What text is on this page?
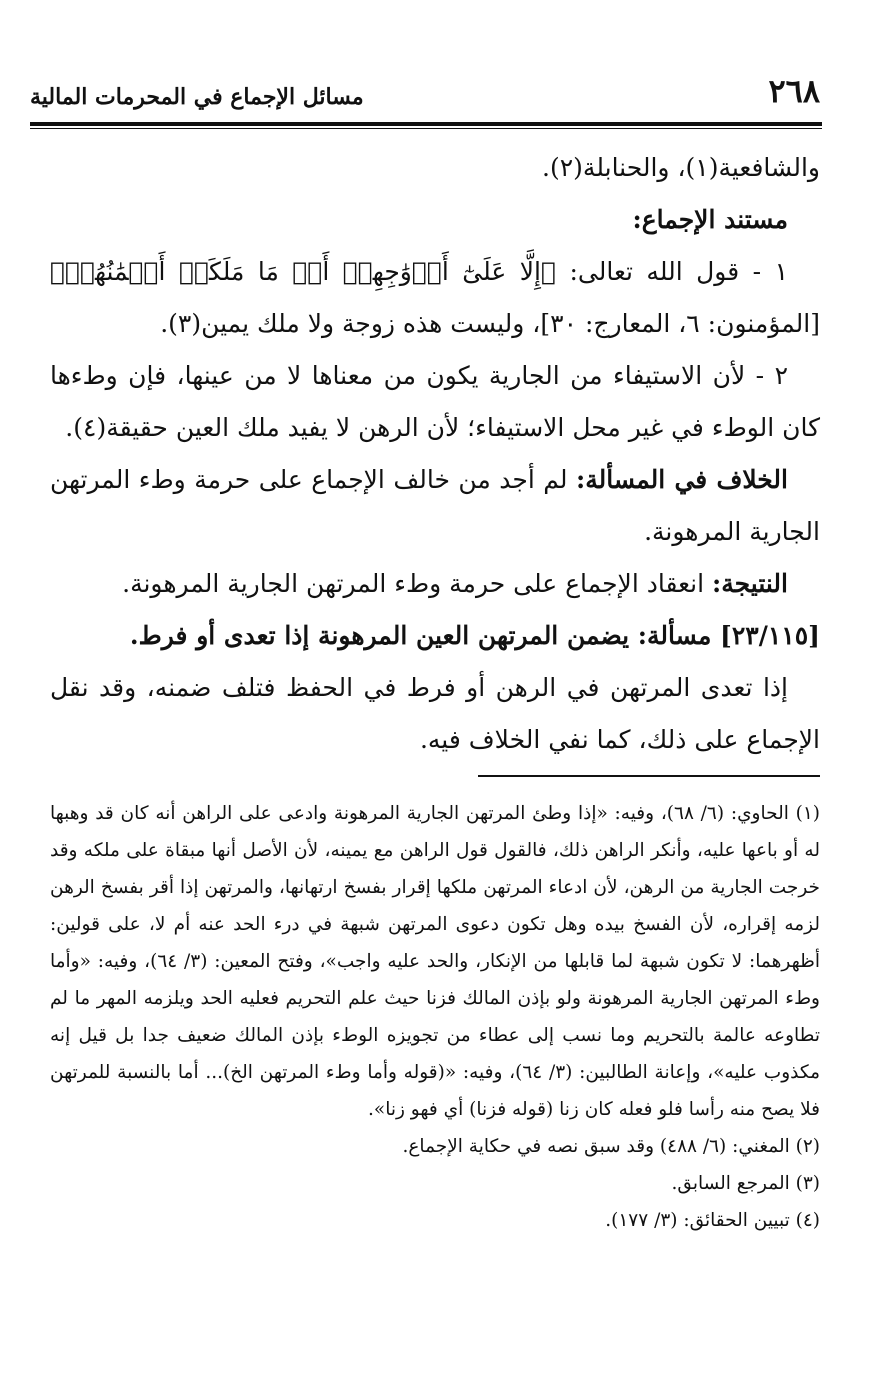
٢٦٨
مسائل الإجماع في المحرمات المالية

والشافعية(١)، والحنابلة(٢).

مستند الإجماع:

١ - قول الله تعالى: ﴿إِلَّا عَلَىٰٓ أَزۡوَٰجِهِمۡ أَوۡ مَا مَلَكَتۡ أَيۡمَٰنُهُمۡ﴾ [المؤمنون: ٦، المعارج: ٣٠]، وليست هذه زوجة ولا ملك يمين(٣).

٢ - لأن الاستيفاء من الجارية يكون من معناها لا من عينها، فإن وطءها كان الوطء في غير محل الاستيفاء؛ لأن الرهن لا يفيد ملك العين حقيقة(٤).

الخلاف في المسألة: لم أجد من خالف الإجماع على حرمة وطء المرتهن الجارية المرهونة.

النتيجة: انعقاد الإجماع على حرمة وطء المرتهن الجارية المرهونة.

[٢٣/١١٥] مسألة: يضمن المرتهن العين المرهونة إذا تعدى أو فرط.

إذا تعدى المرتهن في الرهن أو فرط في الحفظ فتلف ضمنه، وقد نقل الإجماع على ذلك، كما نفي الخلاف فيه.

(١) الحاوي: (٦/ ٦٨)، وفيه: «إذا وطئ المرتهن الجارية المرهونة وادعى على الراهن أنه كان قد وهبها له أو باعها عليه، وأنكر الراهن ذلك، فالقول قول الراهن مع يمينه، لأن الأصل أنها مبقاة على ملكه وقد خرجت الجارية من الرهن، لأن ادعاء المرتهن ملكها إقرار بفسخ ارتهانها، والمرتهن إذا أقر بفسخ الرهن لزمه إقراره، لأن الفسخ بيده وهل تكون دعوى المرتهن شبهة في درء الحد عنه أم لا، على قولين: أظهرهما: لا تكون شبهة لما قابلها من الإنكار، والحد عليه واجب»، وفتح المعين: (٣/ ٦٤)، وفيه: «وأما وطء المرتهن الجارية المرهونة ولو بإذن المالك فزنا حيث علم التحريم فعليه الحد ويلزمه المهر ما لم تطاوعه عالمة بالتحريم وما نسب إلى عطاء من تجويزه الوطء بإذن المالك ضعيف جدا بل قيل إنه مكذوب عليه»، وإعانة الطالبين: (٣/ ٦٤)، وفيه: «(قوله وأما وطء المرتهن الخ)... أما بالنسبة للمرتهن فلا يصح منه رأسا فلو فعله كان زنا (قوله فزنا) أي فهو زنا».

(٢) المغني: (٦/ ٤٨٨) وقد سبق نصه في حكاية الإجماع.

(٣) المرجع السابق.

(٤) تبيين الحقائق: (٣/ ١٧٧).
